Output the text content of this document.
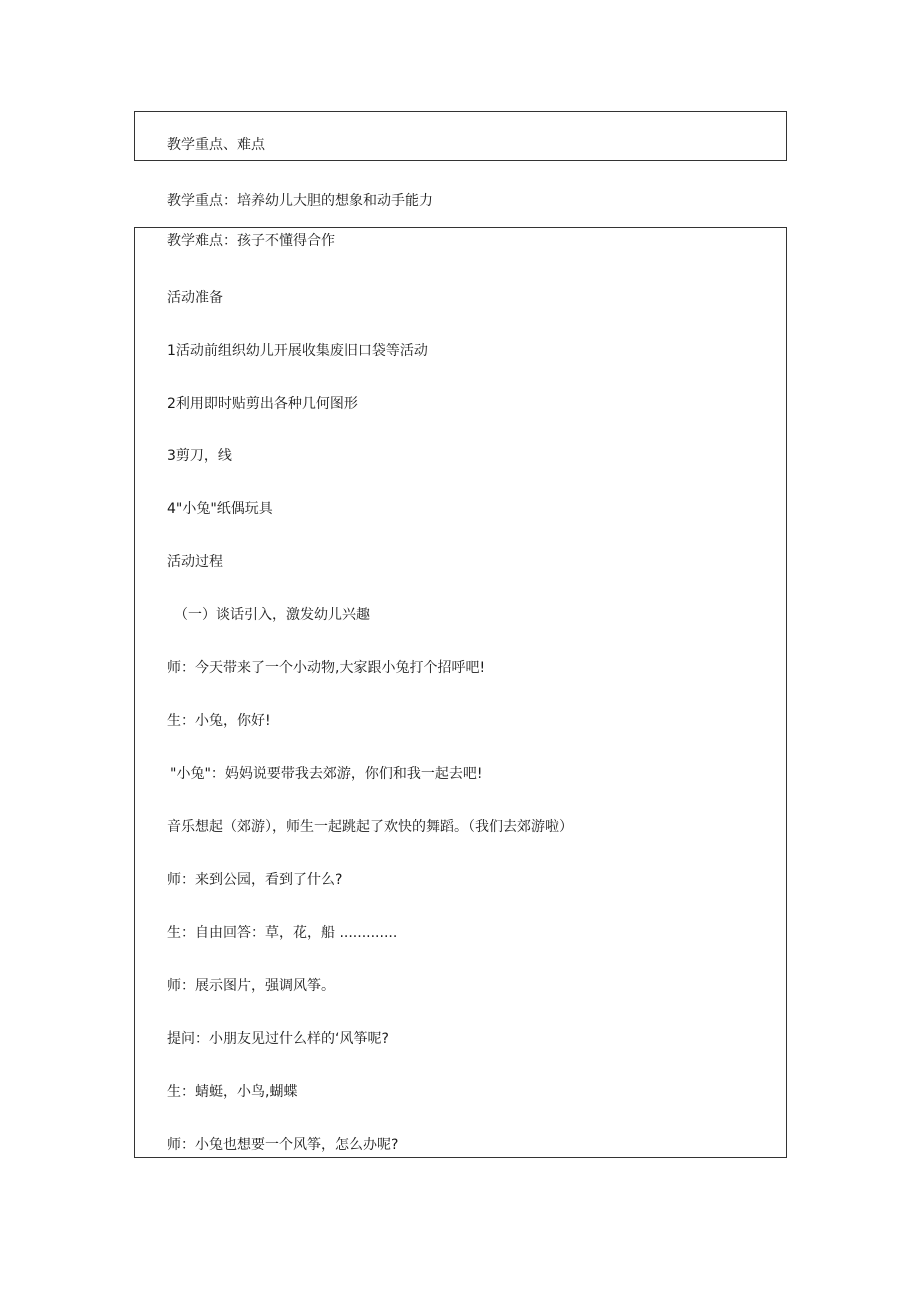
教学重点、难点
教学重点：培养幼儿大胆的想象和动手能力
教学难点：孩子不懂得合作
活动准备
1活动前组织幼儿开展收集废旧口袋等活动
2利用即时贴剪出各种几何图形
3剪刀，线
4"小兔"纸偶玩具
活动过程
（一）谈话引入，激发幼儿兴趣
师：今天带来了一个小动物,大家跟小兔打个招呼吧!
生：小兔，你好!
"小兔"：妈妈说要带我去郊游，你们和我一起去吧!
音乐想起（郊游），师生一起跳起了欢快的舞蹈。（我们去郊游啦）
师：来到公园，看到了什么?
生：自由回答：草，花，船 .............
师：展示图片，强调风筝。
提问：小朋友见过什么样的‘风筝呢?
生：蜻蜓，小鸟,蝴蝶
师：小兔也想要一个风筝，怎么办呢?
